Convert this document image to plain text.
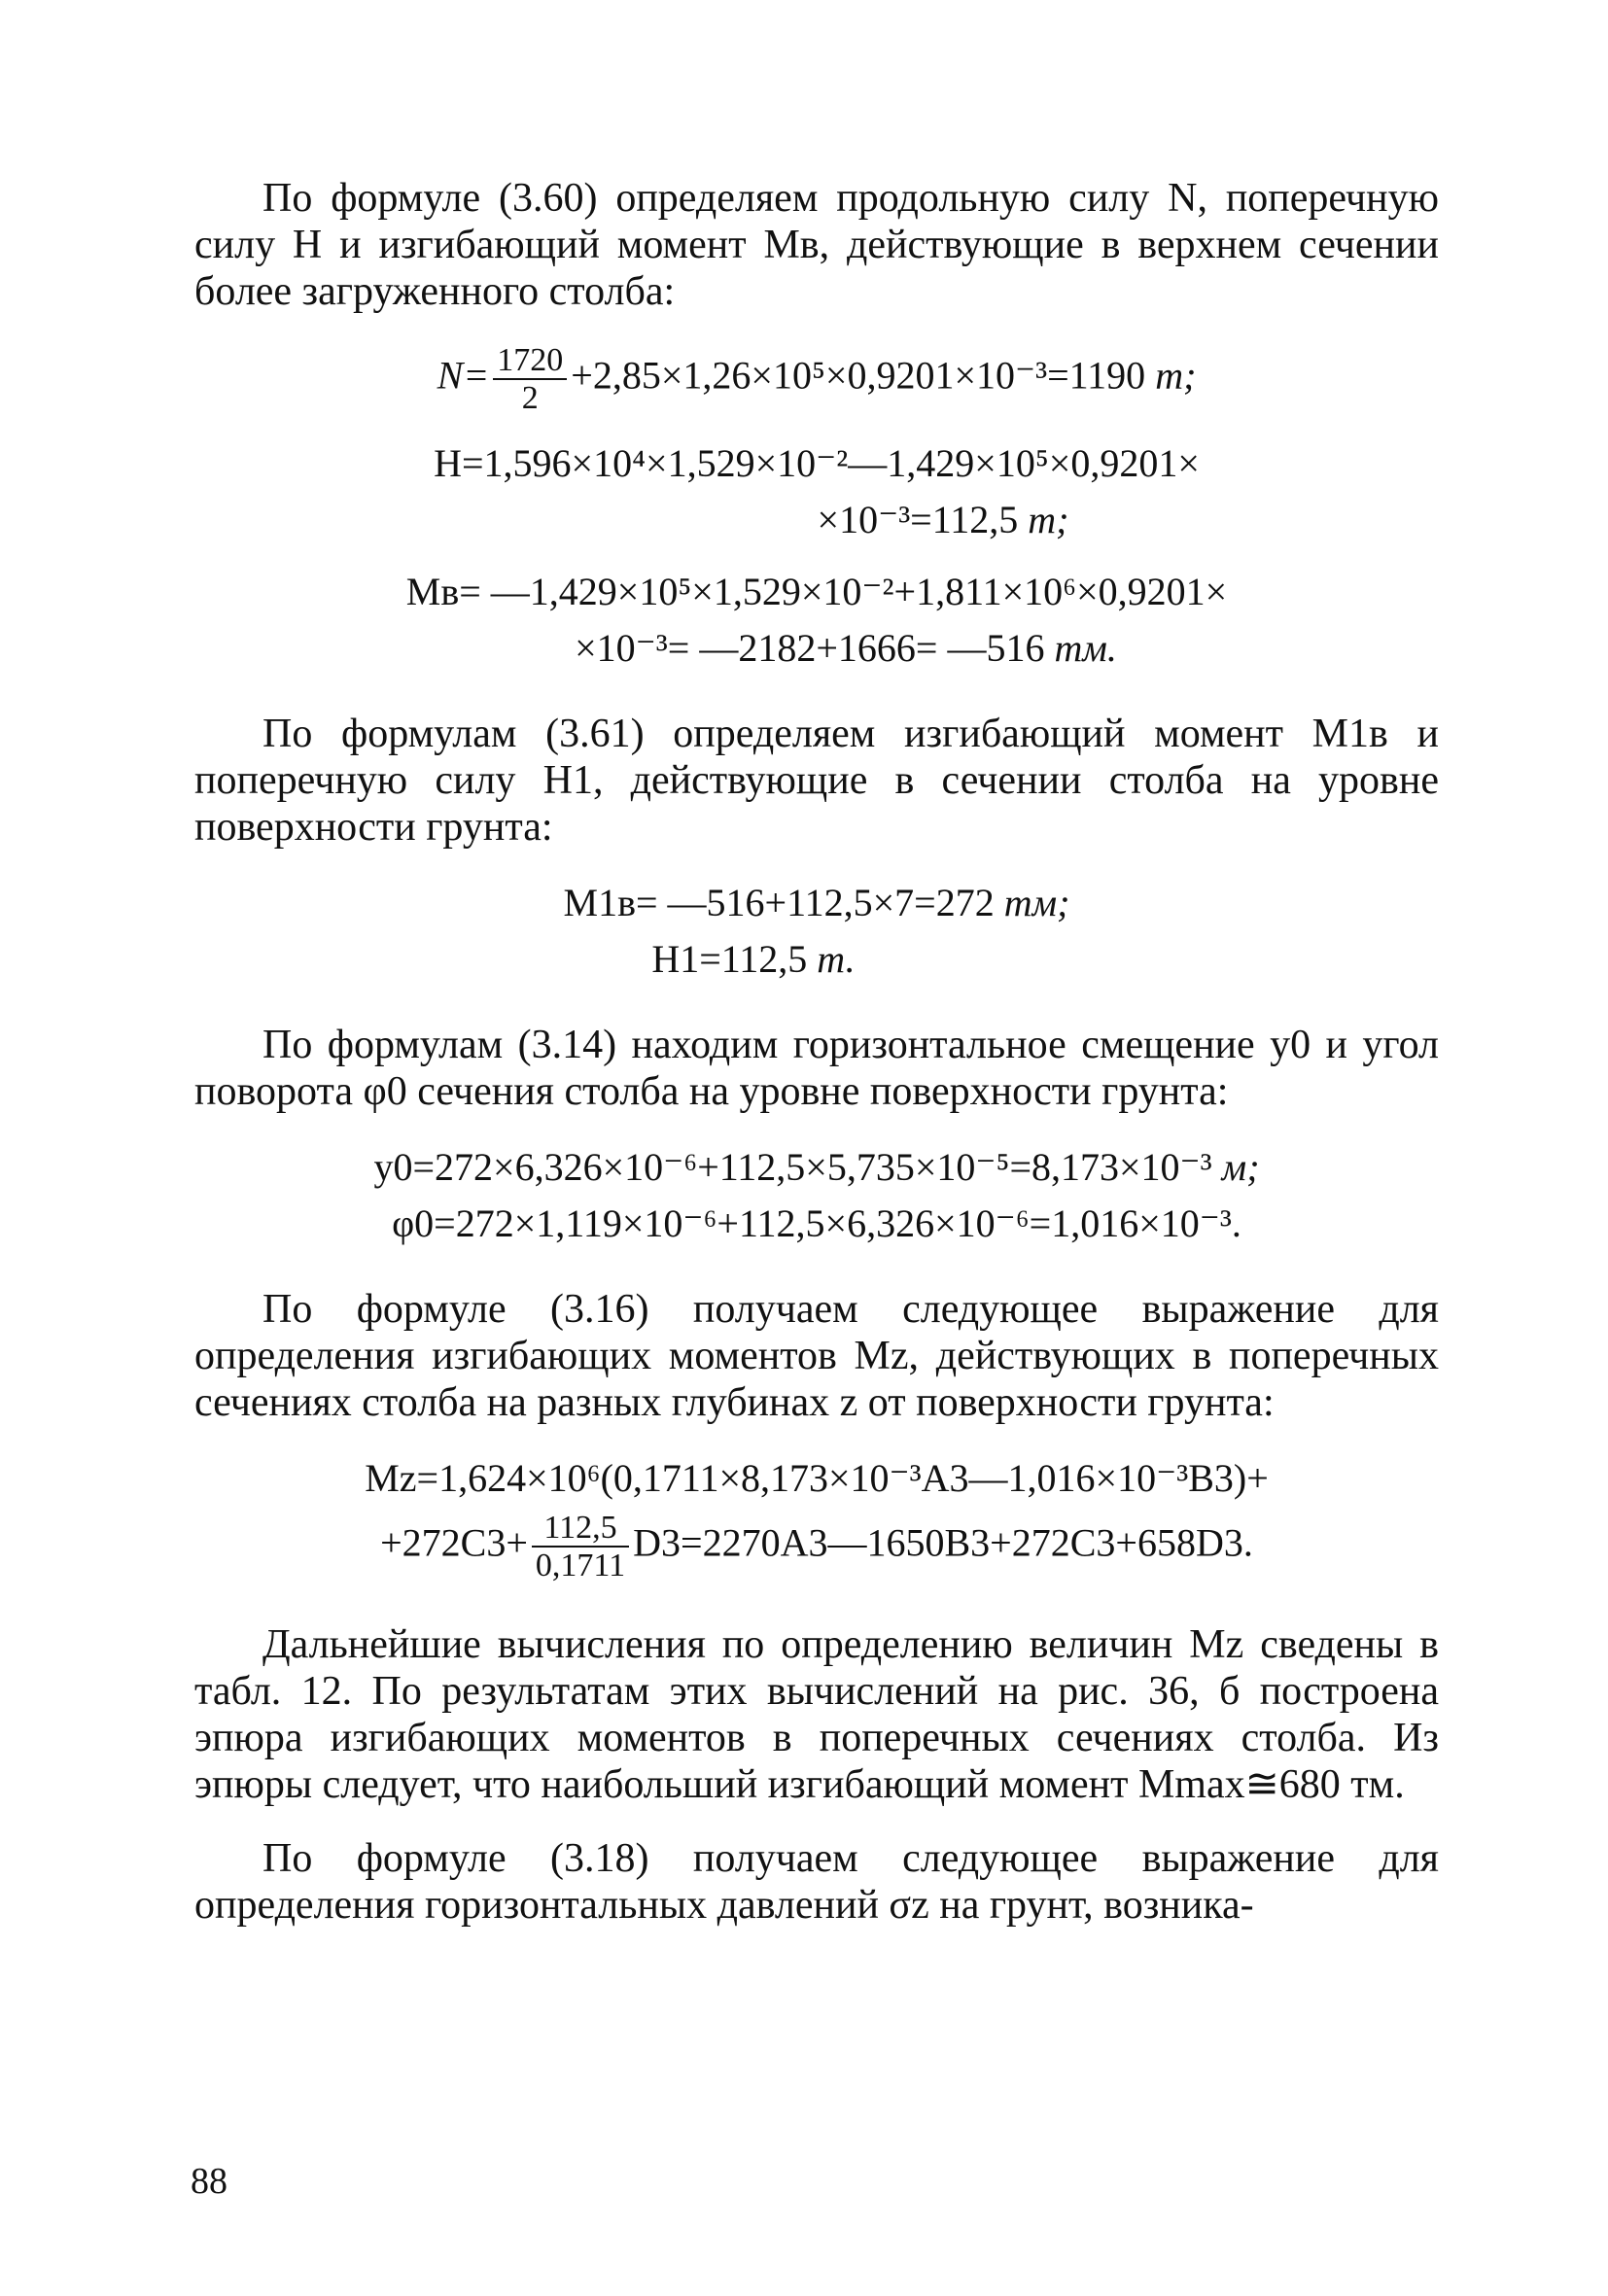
По формуле (3.60) определяем продольную силу N, поперечную силу H и изгибающий момент Mв, действующие в верхнем сечении более загруженного столба:

$N= \frac{1720}{2} +2,85\times 1,26\times 10^5\times 0,9201\times 10^{-3}=1190$ т;
H=1,596×10⁴×1,529×10⁻²—1,429×10⁵×0,9201×
×10⁻³=112,5 т;
Mв= —1,429×10⁵×1,529×10⁻²+1,811×10⁶×0,9201×
×10⁻³= —2182+1666= —516 тм.

По формулам (3.61) определяем изгибающий момент M1в и поперечную силу H1, действующие в сечении столба на уровне поверхности грунта:

M1в= —516+112,5×7=272 тм;
H1=112,5 т.

По формулам (3.14) находим горизонтальное смещение y0 и угол поворота φ0 сечения столба на уровне поверхности грунта:

y0=272×6,326×10⁻⁶+112,5×5,735×10⁻⁵=8,173×10⁻³ м;
φ0=272×1,119×10⁻⁶+112,5×6,326×10⁻⁶=1,016×10⁻³.

По формуле (3.16) получаем следующее выражение для определения изгибающих моментов Mz, действующих в поперечных сечениях столба на разных глубинах z от поверхности грунта:

Mz=1,624×10⁶(0,1711×8,173×10⁻³A3—1,016×10⁻³B3)+
$+272C3+ \frac{112,5}{0,1711}$ D3=2270A3—1650B3+272C3+658D3.

Дальнейшие вычисления по определению величин Mz сведены в табл. 12. По результатам этих вычислений на рис. 36, б построена эпюра изгибающих моментов в поперечных сечениях столба. Из эпюры следует, что наибольший изгибающий момент Mmax≅680 тм.

По формуле (3.18) получаем следующее выражение для определения горизонтальных давлений σz на грунт, возника-

88
